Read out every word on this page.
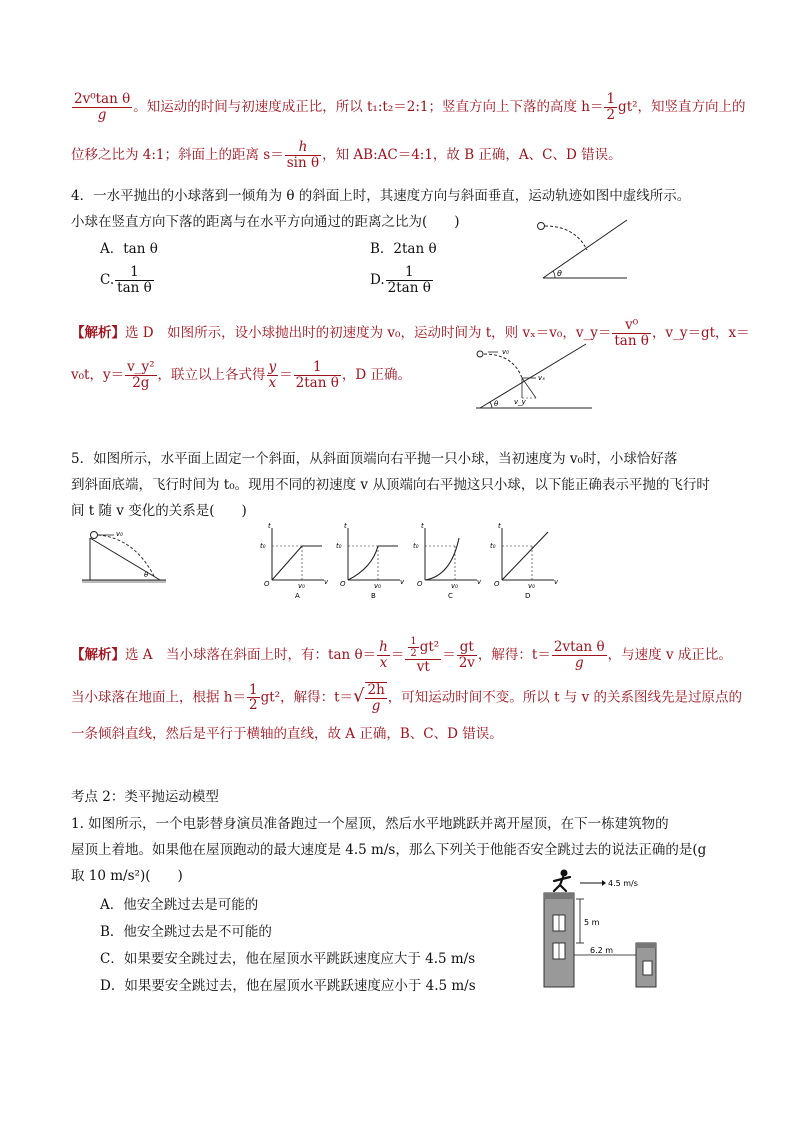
$\frac{\text{2v⁰tan θ}}{g}$ 。知运动的时间与初速度成正比，所以 t₁:t₂＝2:1；竖直方向上下落的高度 $h= \frac{1}{2} gt^2$，知竖直方向上的
位移之比为 4:1；斜面上的距离 $s= \frac{h}{\text{sin θ}}$ ，知 AB:AC＝4:1，故 B 正确，A、C、D 错误。
4．一水平抛出的小球落到一倾角为 θ 的斜面上时，其速度方向与斜面垂直，运动轨迹如图中虚线所示。
小球在竖直方向下落的距离与在水平方向通过的距离之比为(　　)
A．tan θ	B．2tan θ
C. $\frac{1}{\text{tan θ}}$	D. $\frac{1}{\text{2tan θ}}$	θ
【解析】选 D　如图所示，设小球抛出时的初速度为 v₀，运动时间为 t，则 vₓ＝v₀，v_y＝ $\frac{\text{v⁰}}{\text{tan θ}}$ ，v_y＝gt，x＝
v₀t，$y= \frac{\text{v\_y²}}{2g}$ ，联立以上各式得 $\frac{y}{x} = \frac{1}{\text{2tan θ}}$ ，D 正确。
v₀
vₓ
v_y
θ
5．如图所示，水平面上固定一个斜面，从斜面顶端向右平抛一只小球，当初速度为 v₀时，小球恰好落
到斜面底端，飞行时间为 t₀。现用不同的初速度 v 从顶端向右平抛这只小球，以下能正确表示平抛的飞行时
间 t 随 v 变化的关系是(　　)
v₀
θ
t
t₀
O	v₀	v
A
t
t₀
O	v₀	v
B
t
t₀
O	v₀	v
C
t
t₀
O	v₀	v
D
【解析】选 A　当小球落在斜面上时，有：$\tan \theta= \frac{h}{x} = \frac{\frac{1}{2} gt^2}{vt} = \frac{gt}{2v}$ ，解得：$t= \frac{\text{2vtan θ}}{g}$ ，与速度 v 成正比。
当小球落在地面上，根据 $h= \frac{1}{2} gt^2$，解得：$t=√ \frac{2h}{g}$ ，可知运动时间不变。所以 t 与 v 的关系图线先是过原点的
一条倾斜直线，然后是平行于横轴的直线，故 A 正确，B、C、D 错误。
考点 2：类平抛运动模型
1. 如图所示，一个电影替身演员准备跑过一个屋顶，然后水平地跳跃并离开屋顶，在下一栋建筑物的
屋顶上着地。如果他在屋顶跑动的最大速度是 4.5 m/s，那么下列关于他能否安全跳过去的说法正确的是(g
取 10 m/s²)(　　)
A．他安全跳过去是可能的
B．他安全跳过去是不可能的
C．如果要安全跳过去，他在屋顶水平跳跃速度应大于 4.5 m/s
D．如果要安全跳过去，他在屋顶水平跳跃速度应小于 4.5 m/s
4.5 m/s
5 m
6.2 m
